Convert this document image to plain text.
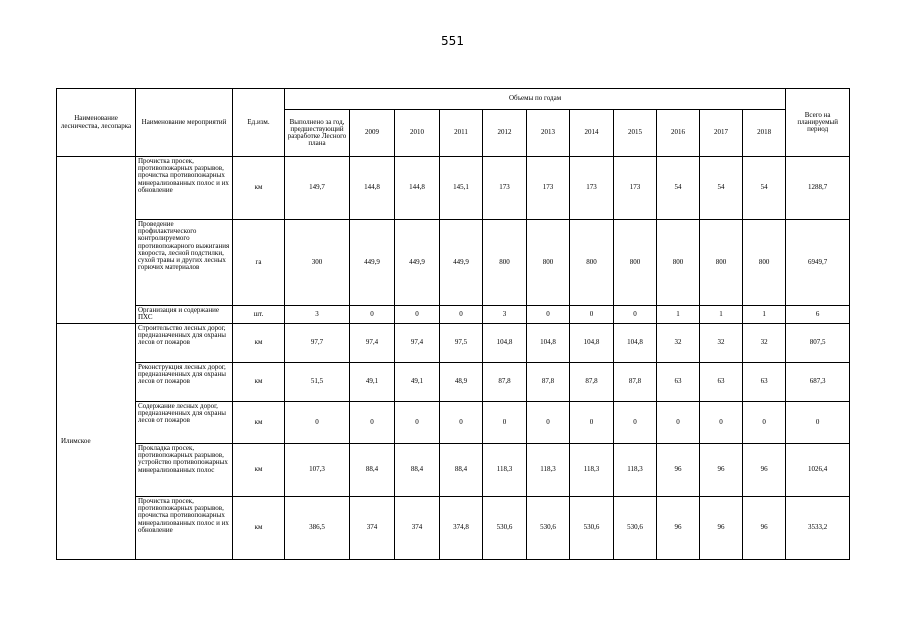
551
Наименование лесничества, лесопарка	Наименование мероприятий	Ед.изм.	Объемы по годам											Всего на планируемый период
			Выполнено за год, предшествующий разработке Лесного плана	2009	2010	2011	2012	2013	2014	2015	2016	2017	2018	
	Прочистка просек, противопожарных разрывов, прочистка противопожарных минерализованных полос и их обновление	км	149,7	144,8	144,8	145,1	173	173	173	173	54	54	54	1288,7
	Проведение профилактического контролируемого противопожарного выжигания хвороста, лесной подстилки, сухой травы и других лесных горючих материалов	га	300	449,9	449,9	449,9	800	800	800	800	800	800	800	6949,7
	Организация и содержание ПХС	шт.	3	0	0	0	3	0	0	0	1	1	1	6
Илимское	Строительство лесных дорог, предназначенных для охраны лесов от пожаров	км	97,7	97,4	97,4	97,5	104,8	104,8	104,8	104,8	32	32	32	807,5
	Реконструкция лесных дорог, предназначенных для охраны лесов от пожаров	км	51,5	49,1	49,1	48,9	87,8	87,8	87,8	87,8	63	63	63	687,3
	Содержание лесных дорог, предназначенных для охраны лесов от пожаров	км	0	0	0	0	0	0	0	0	0	0	0	0
	Прокладка просек, противопожарных разрывов, устройство противопожарных минерализованных полос	км	107,3	88,4	88,4	88,4	118,3	118,3	118,3	118,3	96	96	96	1026,4
	Прочистка просек, противопожарных разрывов, прочистка противопожарных минерализованных полос и их обновление	км	386,5	374	374	374,8	530,6	530,6	530,6	530,6	96	96	96	3533,2
